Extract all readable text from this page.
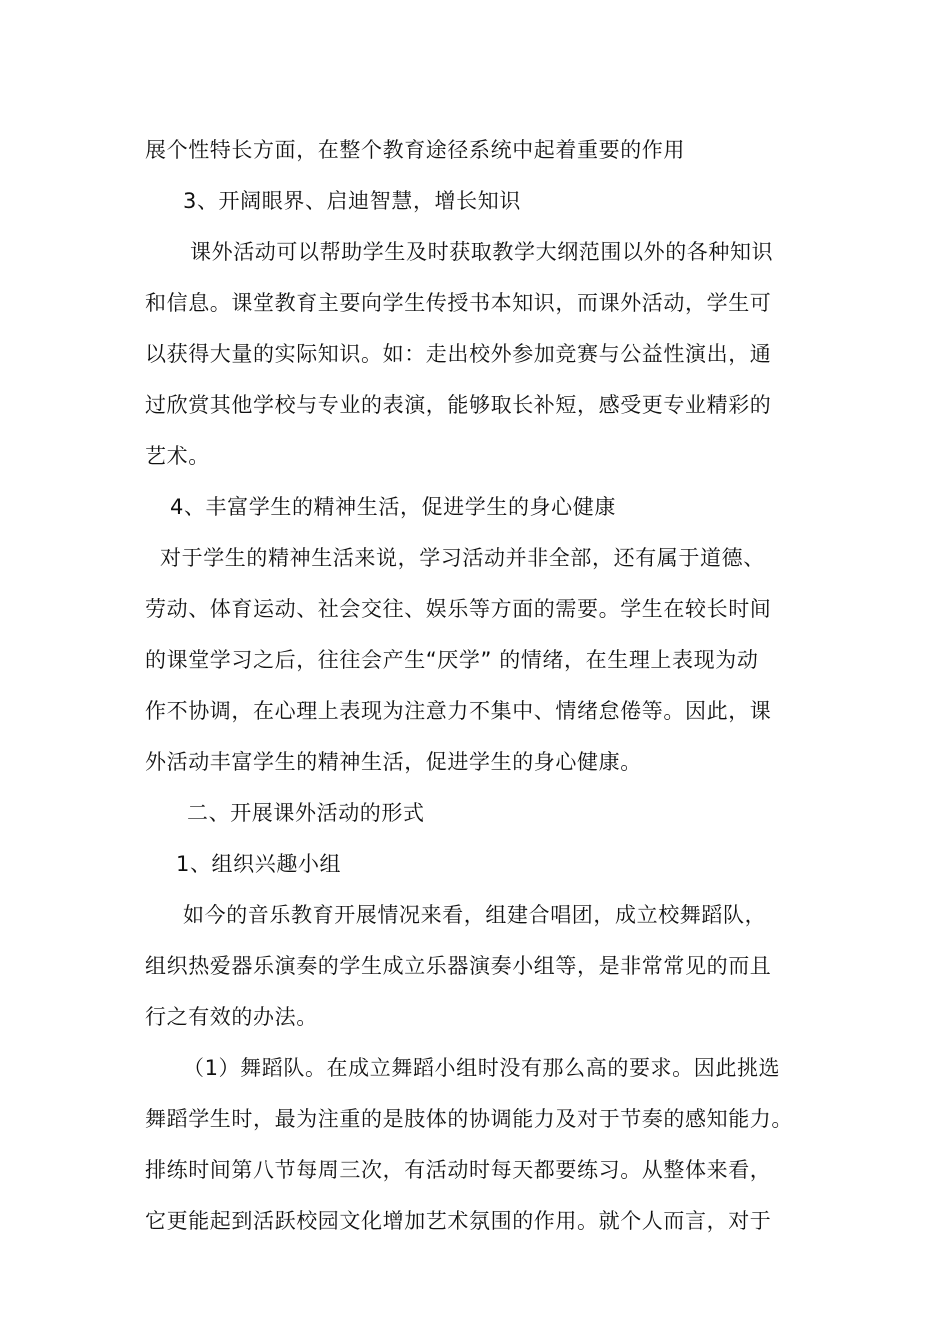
展个性特长方面，在整个教育途径系统中起着重要的作用
3、开阔眼界、启迪智慧，增长知识
课外活动可以帮助学生及时获取教学大纲范围以外的各种知识
和信息。课堂教育主要向学生传授书本知识，而课外活动，学生可
以获得大量的实际知识。如：走出校外参加竞赛与公益性演出，通
过欣赏其他学校与专业的表演，能够取长补短，感受更专业精彩的
艺术。
4、丰富学生的精神生活，促进学生的身心健康
对于学生的精神生活来说，学习活动并非全部，还有属于道德、
劳动、体育运动、社会交往、娱乐等方面的需要。学生在较长时间
的课堂学习之后，往往会产生“厌学” 的情绪，在生理上表现为动
作不协调，在心理上表现为注意力不集中、情绪怠倦等。因此，课
外活动丰富学生的精神生活，促进学生的身心健康。
二、开展课外活动的形式
1、组织兴趣小组
如今的音乐教育开展情况来看，组建合唱团，成立校舞蹈队，
组织热爱器乐演奏的学生成立乐器演奏小组等，是非常常见的而且
行之有效的办法。
（1）舞蹈队。在成立舞蹈小组时没有那么高的要求。因此挑选
舞蹈学生时，最为注重的是肢体的协调能力及对于节奏的感知能力。
排练时间第八节每周三次，有活动时每天都要练习。从整体来看，
它更能起到活跃校园文化增加艺术氛围的作用。就个人而言，对于
